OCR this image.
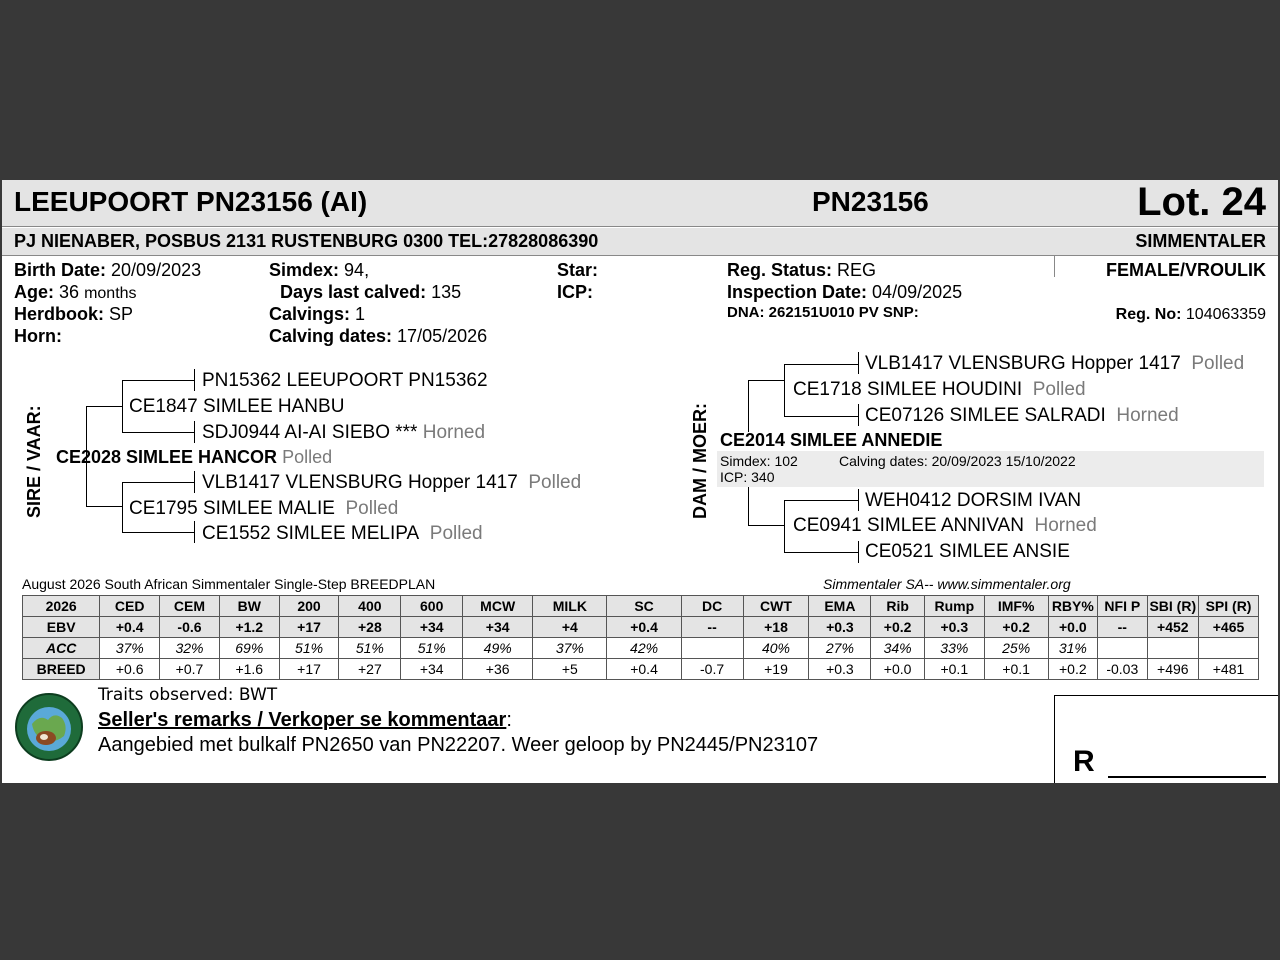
LEEUPOORT PN23156 (AI)	PN23156	Lot. 24
PJ NIENABER, POSBUS 2131 RUSTENBURG 0300 TEL:27828086390	SIMMENTALER
Birth Date: 20/09/2023
Age: 36 months
Herdbook: SP
Horn:
Simdex: 94,
Days last calved: 135
Calvings: 1
Calving dates: 17/05/2026
Star:
ICP:
Reg. Status: REG
Inspection Date: 04/09/2025
DNA: 262151U010 PV SNP:
FEMALE/VROULIK
Reg. No: 104063359
SIRE / VAAR:
PN15362 LEEUPOORT PN15362
CE1847 SIMLEE HANBU
SDJ0944 AI-AI SIEBO *** Horned
CE2028 SIMLEE HANCOR Polled
VLB1417 VLENSBURG Hopper 1417 Polled
CE1795 SIMLEE MALIE Polled
CE1552 SIMLEE MELIPA Polled
DAM / MOER:
VLB1417 VLENSBURG Hopper 1417 Polled
CE1718 SIMLEE HOUDINI Polled
CE07126 SIMLEE SALRADI Horned
CE2014 SIMLEE ANNEDIE
Simdex: 102	Calving dates: 20/09/2023 15/10/2022
ICP: 340
WEH0412 DORSIM IVAN
CE0941 SIMLEE ANNIVAN Horned
CE0521 SIMLEE ANSIE
August 2026 South African Simmentaler Single-Step BREEDPLAN	Simmentaler SA-- www.simmentaler.org
2026	CED	CEM	BW	200	400	600	MCW	MILK	SC	DC	CWT	EMA	Rib	Rump	IMF%	RBY%	NFI P	SBI (R)	SPI (R)
EBV	+0.4	-0.6	+1.2	+17	+28	+34	+34	+4	+0.4	--	+18	+0.3	+0.2	+0.3	+0.2	+0.0	--	+452	+465
ACC	37%	32%	69%	51%	51%	51%	49%	37%	42%		40%	27%	34%	33%	25%	31%			
BREED	+0.6	+0.7	+1.6	+17	+27	+34	+36	+5	+0.4	-0.7	+19	+0.3	+0.0	+0.1	+0.1	+0.2	-0.03	+496	+481
Traits observed: BWT
Seller's remarks / Verkoper se kommentaar:
Aangebied met bulkalf PN2650 van PN22207. Weer geloop by PN2445/PN23107	R
